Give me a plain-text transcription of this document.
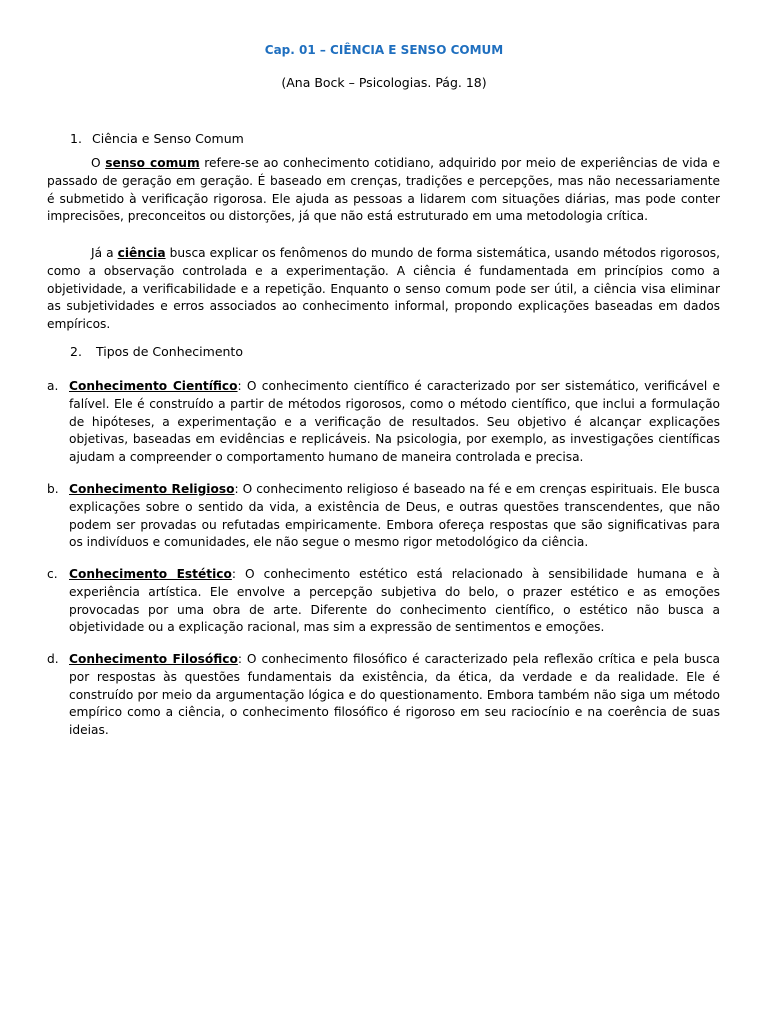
Cap. 01 – CIÊNCIA E SENSO COMUM
(Ana Bock – Psicologias. Pág. 18)
1. Ciência e Senso Comum
O senso comum refere-se ao conhecimento cotidiano, adquirido por meio de experiências de vida e passado de geração em geração. É baseado em crenças, tradições e percepções, mas não necessariamente é submetido à verificação rigorosa. Ele ajuda as pessoas a lidarem com situações diárias, mas pode conter imprecisões, preconceitos ou distorções, já que não está estruturado em uma metodologia crítica.
Já a ciência busca explicar os fenômenos do mundo de forma sistemática, usando métodos rigorosos, como a observação controlada e a experimentação. A ciência é fundamentada em princípios como a objetividade, a verificabilidade e a repetição. Enquanto o senso comum pode ser útil, a ciência visa eliminar as subjetividades e erros associados ao conhecimento informal, propondo explicações baseadas em dados empíricos.
2. Tipos de Conhecimento
a. Conhecimento Científico: O conhecimento científico é caracterizado por ser sistemático, verificável e falível. Ele é construído a partir de métodos rigorosos, como o método científico, que inclui a formulação de hipóteses, a experimentação e a verificação de resultados. Seu objetivo é alcançar explicações objetivas, baseadas em evidências e replicáveis. Na psicologia, por exemplo, as investigações científicas ajudam a compreender o comportamento humano de maneira controlada e precisa.
b. Conhecimento Religioso: O conhecimento religioso é baseado na fé e em crenças espirituais. Ele busca explicações sobre o sentido da vida, a existência de Deus, e outras questões transcendentes, que não podem ser provadas ou refutadas empiricamente. Embora ofereça respostas que são significativas para os indivíduos e comunidades, ele não segue o mesmo rigor metodológico da ciência.
c. Conhecimento Estético: O conhecimento estético está relacionado à sensibilidade humana e à experiência artística. Ele envolve a percepção subjetiva do belo, o prazer estético e as emoções provocadas por uma obra de arte. Diferente do conhecimento científico, o estético não busca a objetividade ou a explicação racional, mas sim a expressão de sentimentos e emoções.
d. Conhecimento Filosófico: O conhecimento filosófico é caracterizado pela reflexão crítica e pela busca por respostas às questões fundamentais da existência, da ética, da verdade e da realidade. Ele é construído por meio da argumentação lógica e do questionamento. Embora também não siga um método empírico como a ciência, o conhecimento filosófico é rigoroso em seu raciocínio e na coerência de suas ideias.
